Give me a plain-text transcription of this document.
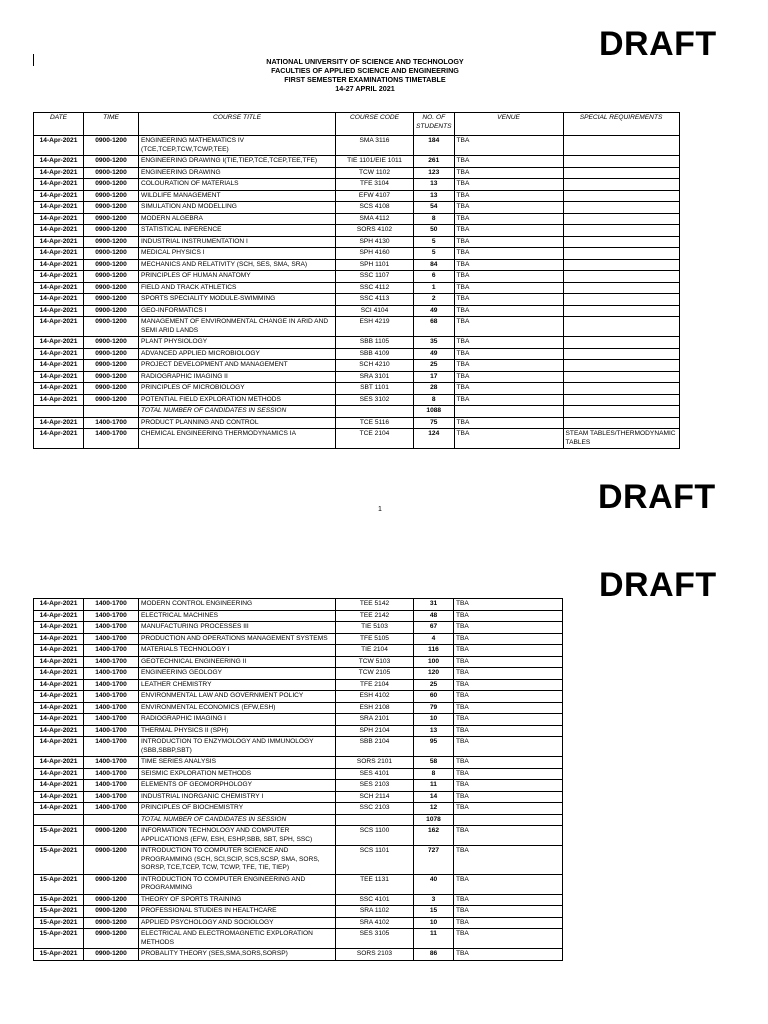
DRAFT
DRAFT
DRAFT
NATIONAL UNIVERSITY OF SCIENCE AND TECHNOLOGY
FACULTIES OF APPLIED SCIENCE AND ENGINEERING
FIRST SEMESTER EXAMINATIONS TIMETABLE
14-27 APRIL 2021
DATE	TIME	COURSE TITLE	COURSE CODE	NO. OF STUDENTS	VENUE	SPECIAL REQUIREMENTS
14-Apr-2021	0900-1200	ENGINEERING MATHEMATICS IV (TCE,TCEP,TCW,TCWP,TEE)	SMA 3116	184	TBA	
14-Apr-2021	0900-1200	ENGINEERING DRAWING I(TIE,TIEP,TCE,TCEP,TEE,TFE)	TIE 1101/EIE 1011	261	TBA	
14-Apr-2021	0900-1200	ENGINEERING DRAWING	TCW 1102	123	TBA	
14-Apr-2021	0900-1200	COLOURATION OF MATERIALS	TFE 3104	13	TBA	
14-Apr-2021	0900-1200	WILDLIFE MANAGEMENT	EFW 4107	13	TBA	
14-Apr-2021	0900-1200	SIMULATION AND MODELLING	SCS 4108	54	TBA	
14-Apr-2021	0900-1200	MODERN ALGEBRA	SMA 4112	8	TBA	
14-Apr-2021	0900-1200	STATISTICAL INFERENCE	SORS 4102	50	TBA	
14-Apr-2021	0900-1200	INDUSTRIAL INSTRUMENTATION I	SPH 4130	5	TBA	
14-Apr-2021	0900-1200	MEDICAL PHYSICS I	SPH 4160	5	TBA	
14-Apr-2021	0900-1200	MECHANICS AND RELATIVITY (SCH, SES, SMA, SRA)	SPH 1101	84	TBA	
14-Apr-2021	0900-1200	PRINCIPLES OF HUMAN ANATOMY	SSC 1107	6	TBA	
14-Apr-2021	0900-1200	FIELD AND TRACK ATHLETICS	SSC 4112	1	TBA	
14-Apr-2021	0900-1200	SPORTS SPECIALITY MODULE-SWIMMING	SSC 4113	2	TBA	
14-Apr-2021	0900-1200	GEO-INFORMATICS I	SCI 4104	49	TBA	
14-Apr-2021	0900-1200	MANAGEMENT OF ENVIRONMENTAL CHANGE IN ARID AND SEMI ARID LANDS	ESH 4219	68	TBA	
14-Apr-2021	0900-1200	PLANT PHYSIOLOGY	SBB 1105	35	TBA	
14-Apr-2021	0900-1200	ADVANCED APPLIED MICROBIOLOGY	SBB 4109	49	TBA	
14-Apr-2021	0900-1200	PROJECT DEVELOPMENT AND MANAGEMENT	SCH 4210	25	TBA	
14-Apr-2021	0900-1200	RADIOGRAPHIC IMAGING II	SRA 3101	17	TBA	
14-Apr-2021	0900-1200	PRINCIPLES OF MICROBIOLOGY	SBT 1101	28	TBA	
14-Apr-2021	0900-1200	POTENTIAL FIELD EXPLORATION METHODS	SES 3102	8	TBA	
		TOTAL NUMBER OF CANDIDATES IN SESSION		1088		
14-Apr-2021	1400-1700	PRODUCT PLANNING AND CONTROL	TCE 5116	75	TBA	
14-Apr-2021	1400-1700	CHEMICAL ENGINEERING THERMODYNAMICS IA	TCE 2104	124	TBA	STEAM TABLES/THERMODYNAMIC TABLES
1
14-Apr-2021	1400-1700	MODERN CONTROL ENGINEERING	TEE 5142	31	TBA
14-Apr-2021	1400-1700	ELECTRICAL MACHINES	TEE 2142	48	TBA
14-Apr-2021	1400-1700	MANUFACTURING PROCESSES III	TIE 5103	67	TBA
14-Apr-2021	1400-1700	PRODUCTION AND OPERATIONS MANAGEMENT SYSTEMS	TFE 5105	4	TBA
14-Apr-2021	1400-1700	MATERIALS TECHNOLOGY I	TIE 2104	116	TBA
14-Apr-2021	1400-1700	GEOTECHNICAL ENGINEERING II	TCW 5103	100	TBA
14-Apr-2021	1400-1700	ENGINEERING GEOLOGY	TCW 2105	120	TBA
14-Apr-2021	1400-1700	LEATHER CHEMISTRY	TFE 2104	25	TBA
14-Apr-2021	1400-1700	ENVIRONMENTAL LAW AND GOVERNMENT POLICY	ESH 4102	60	TBA
14-Apr-2021	1400-1700	ENVIRONMENTAL ECONOMICS (EFW,ESH)	ESH 2108	79	TBA
14-Apr-2021	1400-1700	RADIOGRAPHIC IMAGING I	SRA 2101	10	TBA
14-Apr-2021	1400-1700	THERMAL PHYSICS II (SPH)	SPH 2104	13	TBA
14-Apr-2021	1400-1700	INTRODUCTION TO ENZYMOLOGY AND IMMUNOLOGY (SBB,SBBP,SBT)	SBB 2104	95	TBA
14-Apr-2021	1400-1700	TIME SERIES ANALYSIS	SORS 2101	58	TBA
14-Apr-2021	1400-1700	SEISMIC EXPLORATION METHODS	SES 4101	8	TBA
14-Apr-2021	1400-1700	ELEMENTS OF GEOMORPHOLOGY	SES 2103	11	TBA
14-Apr-2021	1400-1700	INDUSTRIAL INORGANIC CHEMISTRY I	SCH 2114	14	TBA
14-Apr-2021	1400-1700	PRINCIPLES OF BIOCHEMISTRY	SSC 2103	12	TBA
		TOTAL NUMBER OF CANDIDATES IN SESSION		1078	
15-Apr-2021	0900-1200	INFORMATION TECHNOLOGY AND COMPUTER APPLICATIONS (EFW, ESH, ESHP,SBB, SBT, SPH, SSC)	SCS 1100	162	TBA
15-Apr-2021	0900-1200	INTRODUCTION TO COMPUTER SCIENCE AND PROGRAMMING (SCH, SCI,SCIP, SCS,SCSP, SMA, SORS, SORSP, TCE,TCEP, TCW, TCWP, TFE, TIE, TIEP)	SCS 1101	727	TBA
15-Apr-2021	0900-1200	INTRODUCTION TO COMPUTER ENGINEERING AND PROGRAMMING	TEE 1131	40	TBA
15-Apr-2021	0900-1200	THEORY OF SPORTS TRAINING	SSC 4101	3	TBA
15-Apr-2021	0900-1200	PROFESSIONAL STUDIES IN HEALTHCARE	SRA 1102	15	TBA
15-Apr-2021	0900-1200	APPLIED PSYCHOLOGY AND SOCIOLOGY	SRA 4102	10	TBA
15-Apr-2021	0900-1200	ELECTRICAL AND ELECTROMAGNETIC EXPLORATION METHODS	SES 3105	11	TBA
15-Apr-2021	0900-1200	PROBALITY THEORY (SES,SMA,SORS,SORSP)	SORS 2103	86	TBA
